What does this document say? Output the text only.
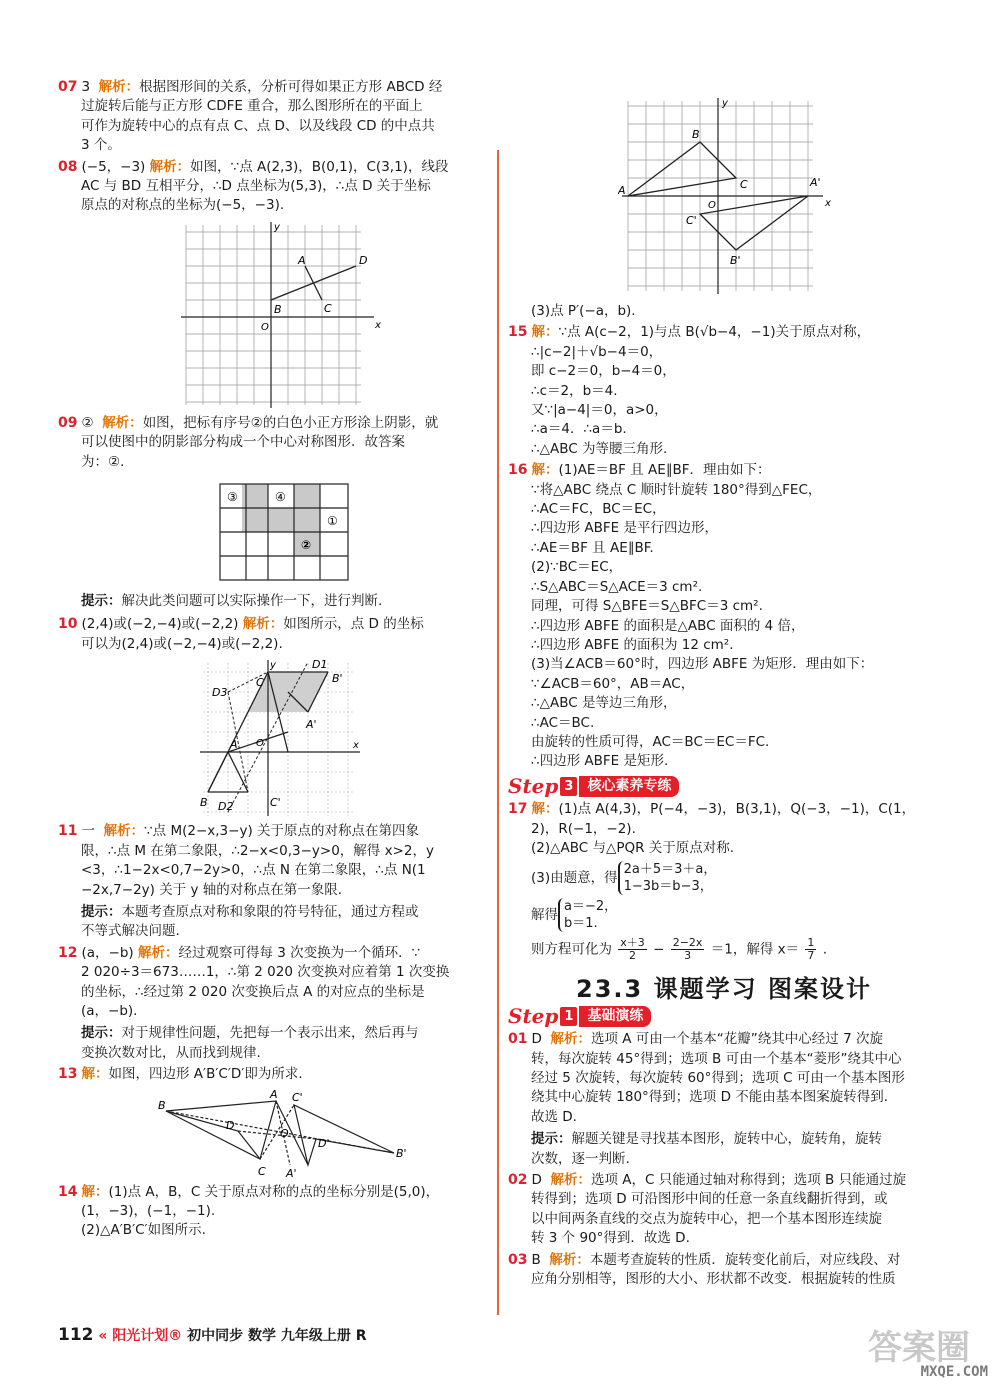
07 3 解析：根据图形间的关系，分析可得如果正方形 ABCD 经
过旋转后能与正方形 CDFE 重合，那么图形所在的平面上
可作为旋转中心的点有点 C、点 D、以及线段 CD 的中点共
3 个。
08 (−5，−3) 解析：如图，∵点 A(2,3)，B(0,1)，C(3,1)，线段
AC 与 BD 互相平分，∴D 点坐标为(5,3)，∴点 D 关于坐标
原点的对称点的坐标为(−5，−3).
y
A	D
B	C
O	x
09 ② 解析：如图，把标有序号②的白色小正方形涂上阴影，就
可以使图中的阴影部分构成一个中心对称图形．故答案
为：②.
③	④
①
②
提示：解决此类问题可以实际操作一下，进行判断.
10 (2,4)或(−2,−4)或(−2,2) 解析：如图所示，点 D 的坐标
可以为(2,4)或(−2,−4)或(−2,2).
y	D1
C	B'
D3
A'
A O	x
B D2	C'
11 一 解析：∵点 M(2−x,3−y) 关于原点的对称点在第四象
限，∴点 M 在第二象限，∴2−x<0,3−y>0，解得 x>2，y
<3，∴1−2x<0,7−2y>0，∴点 N 在第二象限，∴点 N(1
−2x,7−2y) 关于 y 轴的对称点在第一象限.
提示：本题考查原点对称和象限的符号特征，通过方程或
不等式解决问题.
12 (a，−b) 解析：经过观察可得每 3 次变换为一个循环．∵
2 020÷3＝673……1，∴第 2 020 次变换对应着第 1 次变换
的坐标，∴经过第 2 020 次变换后点 A 的对应点的坐标是
(a，−b).
提示：对于规律性问题，先把每一个表示出来，然后再与
变换次数对比，从而找到规律.
13 解：如图，四边形 A′B′C′D′即为所求.
B
A C'
D
O
D'
B'
C A'
14 解：(1)点 A，B，C 关于原点对称的点的坐标分别是(5,0)，
(1，−3)，(−1，−1).
(2)△A′B′C′如图所示.
y
B
A	C	A'
O	x
C'
B'
(3)点 P′(−a，b).
15 解：∵点 A(c−2，1)与点 B(√b−4，−1)关于原点对称，
∴|c−2|＋√b−4＝0，
即 c−2＝0，b−4＝0，
∴c＝2，b＝4.
又∵|a−4|＝0，a>0，
∴a＝4．∴a＝b.
∴△ABC 为等腰三角形.
16 解：(1)AE＝BF 且 AE∥BF．理由如下：
∵将△ABC 绕点 C 顺时针旋转 180°得到△FEC，
∴AC＝FC，BC＝EC，
∴四边形 ABFE 是平行四边形，
∴AE＝BF 且 AE∥BF.
(2)∵BC＝EC，
∴S△ABC＝S△ACE＝3 cm².
同理，可得 S△BFE＝S△BFC＝3 cm².
∴四边形 ABFE 的面积是△ABC 面积的 4 倍，
∴四边形 ABFE 的面积为 12 cm².
(3)当∠ACB＝60°时，四边形 ABFE 为矩形．理由如下：
∵∠ACB＝60°，AB＝AC，
∴△ABC 是等边三角形，
∴AC＝BC.
由旋转的性质可得，AC＝BC＝EC＝FC.
∴四边形 ABFE 是矩形.
Step 3	核心素养专练
17 解：(1)点 A(4,3)，P(−4，−3)，B(3,1)，Q(−3，−1)，C(1，
2)，R(−1，−2).
(2)△ABC 与△PQR 关于原点对称.
(3)由题意，得
2a＋5＝3＋a，
1−3b＝b−3，
解得
a＝−2，
b＝1.
则方程可化为 $\frac{x+3}{2} - \frac{2-2x}{3} =1$，解得 $x= \frac{1}{7}$ .
23.3 课题学习 图案设计
Step 1	基础演练
01 D 解析：选项 A 可由一个基本“花瓣”绕其中心经过 7 次旋
转，每次旋转 45°得到；选项 B 可由一个基本“菱形”绕其中心
经过 5 次旋转，每次旋转 60°得到；选项 C 可由一个基本图形
绕其中心旋转 180°得到；选项 D 不能由基本图案旋转得到．
故选 D.
提示：解题关键是寻找基本图形，旋转中心，旋转角，旋转
次数，逐一判断.
02 D 解析：选项 A，C 只能通过轴对称得到；选项 B 只能通过旋
转得到；选项 D 可沿图形中间的任意一条直线翻折得到，或
以中间两条直线的交点为旋转中心，把一个基本图形连续旋
转 3 个 90°得到．故选 D.
03 B 解析：本题考查旋转的性质．旋转变化前后，对应线段、对
应角分别相等，图形的大小、形状都不改变．根据旋转的性质
112 « 阳光计划® 初中同步 数学 九年级上册 R	答案圈
MXQE.COM
